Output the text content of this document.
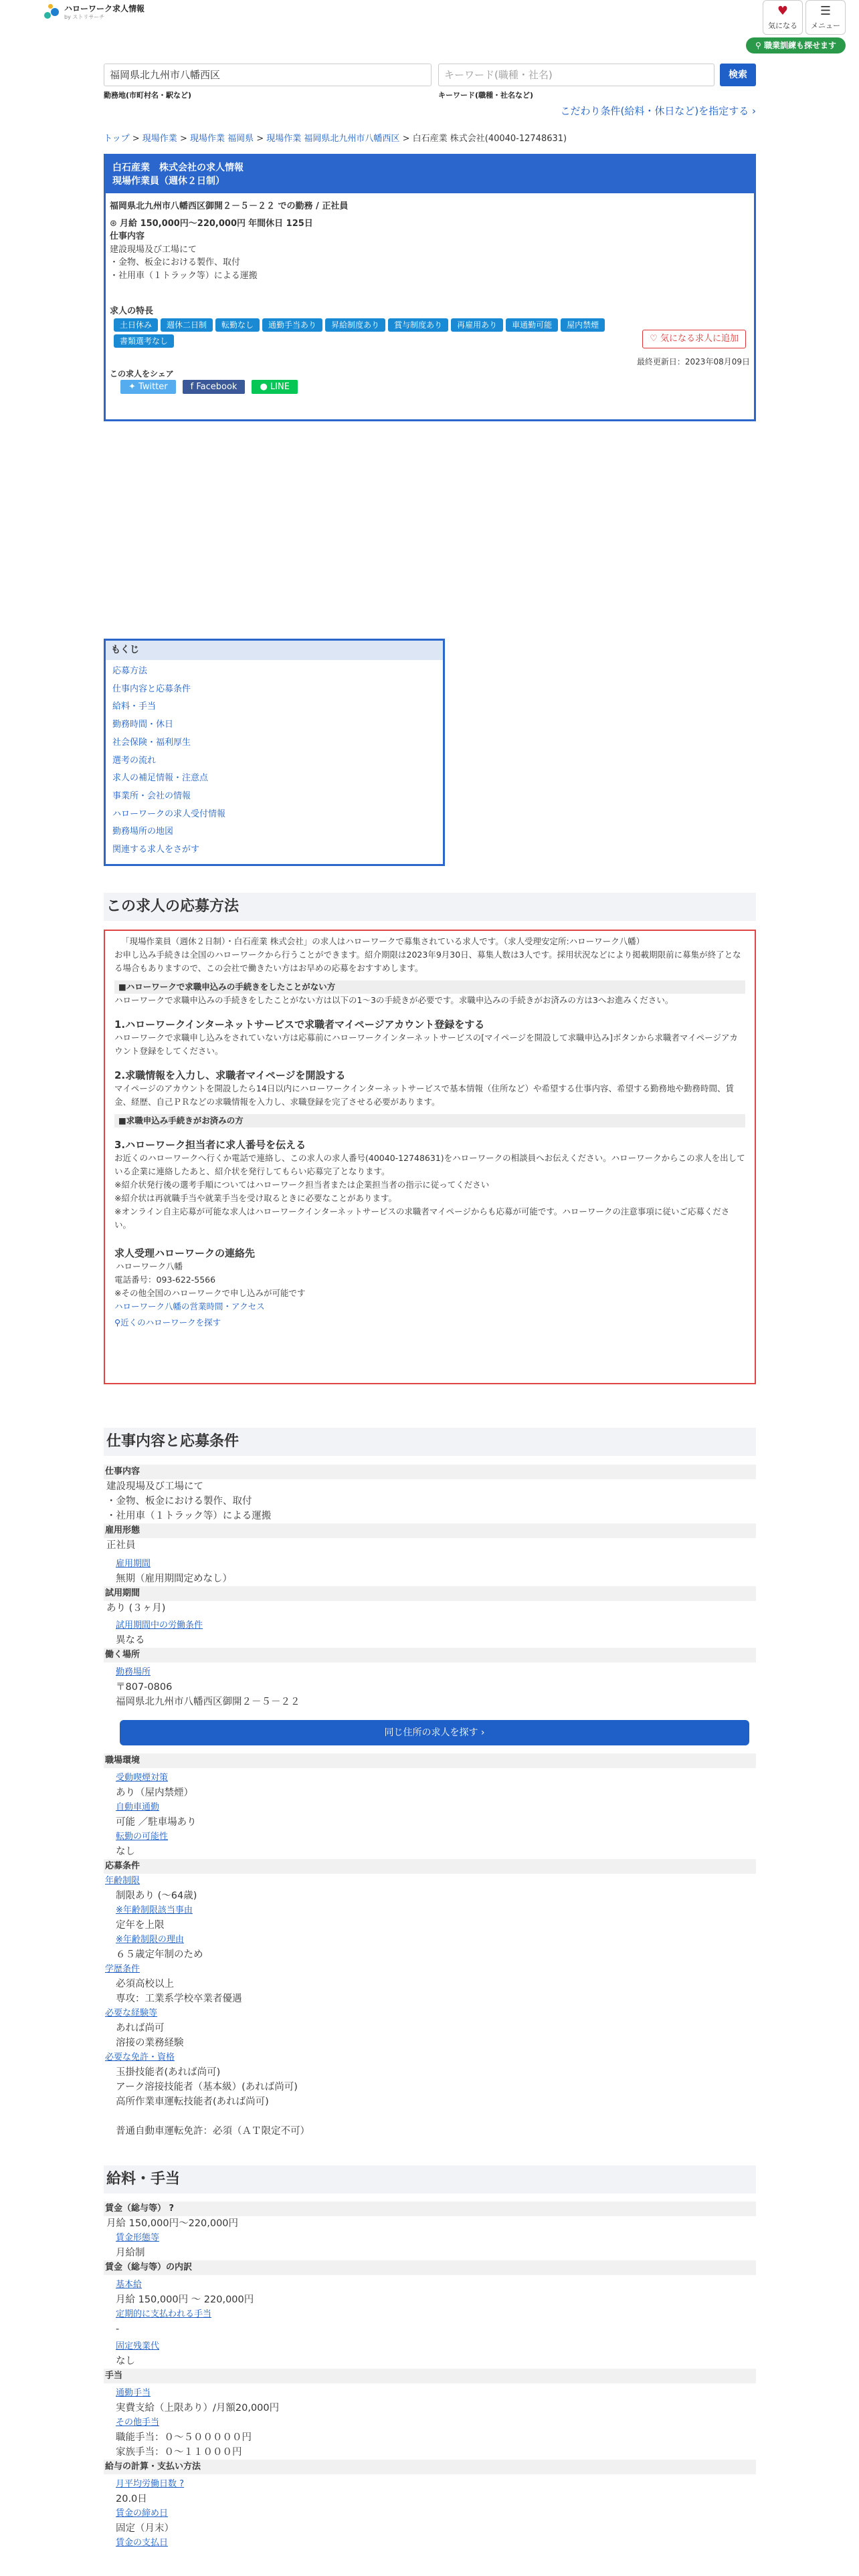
ハローワーク求人情報
by ストリサーチ	♥
気になる
☰
メニュー
⚲ 職業訓練も探せます
福岡県北九州市八幡西区	キーワード(職種・社名)	検索
勤務地(市町村名・駅など)	キーワード(職種・社名など)
こだわり条件(給料・休日など)を指定する ›
トップ > 現場作業 > 現場作業 福岡県 > 現場作業 福岡県北九州市八幡西区 > 白石産業 株式会社(40040-12748631)
白石産業　株式会社の求人情報
現場作業員（週休２日制）
福岡県北九州市八幡西区御開２－５－２２ での勤務 / 正社員
⊛ 月給 150,000円〜220,000円 年間休日 125日
仕事内容
建設現場及び工場にて
・金物、板金における製作、取付
・社用車（１トラック等）による運搬
♡ 気になる求人に追加
求人の特長
土日休み 週休二日制 転勤なし 通勤手当あり 昇給制度あり 賞与制度あり 再雇用あり 車通勤可能 屋内禁煙
書類選考なし
最終更新日：2023年08月09日
この求人をシェア
✦ Twitter	f Facebook	● LINE
もくじ
応募方法
仕事内容と応募条件
給料・手当
勤務時間・休日
社会保険・福利厚生
選考の流れ
求人の補足情報・注意点
事業所・会社の情報
ハローワークの求人受付情報
勤務場所の地図
関連する求人をさがす
この求人の応募方法
「現場作業員（週休２日制）・白石産業 株式会社」の求人はハローワークで募集されている求人です。（求人受理安定所:ハローワーク八幡）
お申し込み手続きは全国のハローワークから行うことができます。紹介期限は2023年9月30日、募集人数は3人です。採用状況などにより掲載期限前に募集が終了となる場合もありますので、この会社で働きたい方はお早めの応募をおすすめします。
■ハローワークで求職申込みの手続きをしたことがない方
ハローワークで求職申込みの手続きをしたことがない方は以下の1〜3の手続きが必要です。求職申込みの手続きがお済みの方は3へお進みください。
1.ハローワークインターネットサービスで求職者マイページアカウント登録をする
ハローワークで求職申し込みをされていない方は応募前にハローワークインターネットサービスの[マイページを開設して求職申込み]ボタンから求職者マイページアカウント登録をしてください。
2.求職情報を入力し、求職者マイページを開設する
マイページのアカウントを開設したら14日以内にハローワークインターネットサービスで基本情報（住所など）や希望する仕事内容、希望する勤務地や勤務時間、賃金、経歴、自己ＰＲなどの求職情報を入力し、求職登録を完了させる必要があります。
■求職申込み手続きがお済みの方
3.ハローワーク担当者に求人番号を伝える
お近くのハローワークへ行くか電話で連絡し、この求人の求人番号(40040-12748631)をハローワークの相談員へお伝えください。ハローワークからこの求人を出している企業に連絡したあと、紹介状を発行してもらい応募完了となります。
※紹介状発行後の選考手順についてはハローワーク担当者または企業担当者の指示に従ってください
※紹介状は再就職手当や就業手当を受け取るときに必要なことがあります。
※オンライン自主応募が可能な求人はハローワークインターネットサービスの求職者マイページからも応募が可能です。ハローワークの注意事項に従いご応募ください。
求人受理ハローワークの連絡先
ハローワーク八幡
電話番号：093-622-5566
※その他全国のハローワークで申し込みが可能です
ハローワーク八幡の営業時間・アクセス
⚲近くのハローワークを探す
仕事内容と応募条件
仕事内容
建設現場及び工場にて
・金物、板金における製作、取付
・社用車（１トラック等）による運搬
雇用形態
正社員
雇用期間
無期（雇用期間定めなし）
試用期間
あり (３ヶ月)
試用期間中の労働条件
異なる
働く場所
勤務場所
〒807-0806
福岡県北九州市八幡西区御開２－５－２２
同じ住所の求人を探す ›
職場環境
受動喫煙対策
あり（屋内禁煙）
自動車通勤
可能 ／駐車場あり
転勤の可能性
なし
応募条件
年齢制限
制限あり (〜64歳)
※年齢制限該当事由
定年を上限
※年齢制限の理由
６５歳定年制のため
学歴条件
必須高校以上
専攻：工業系学校卒業者優遇
必要な経験等
あれば尚可
溶接の業務経験
必要な免許・資格
玉掛技能者(あれば尚可)
アーク溶接技能者（基本級）(あれば尚可)
高所作業車運転技能者(あれば尚可)
普通自動車運転免許：必須（ＡＴ限定不可）
給料・手当
賃金（総与等） ?
月給 150,000円〜220,000円
賃金形態等
月給制
賃金（総与等）の内訳
基本給
月給 150,000円 〜 220,000円
定期的に支払われる手当
-
固定残業代
なし
手当
通勤手当
実費支給（上限あり）/月額20,000円
その他手当
職能手当：０〜５０００００円
家族手当：０〜１１０００円
給与の計算・支払い方法
月平均労働日数 ?
20.0日
賃金の締め日
固定（月末）
賃金の支払日
